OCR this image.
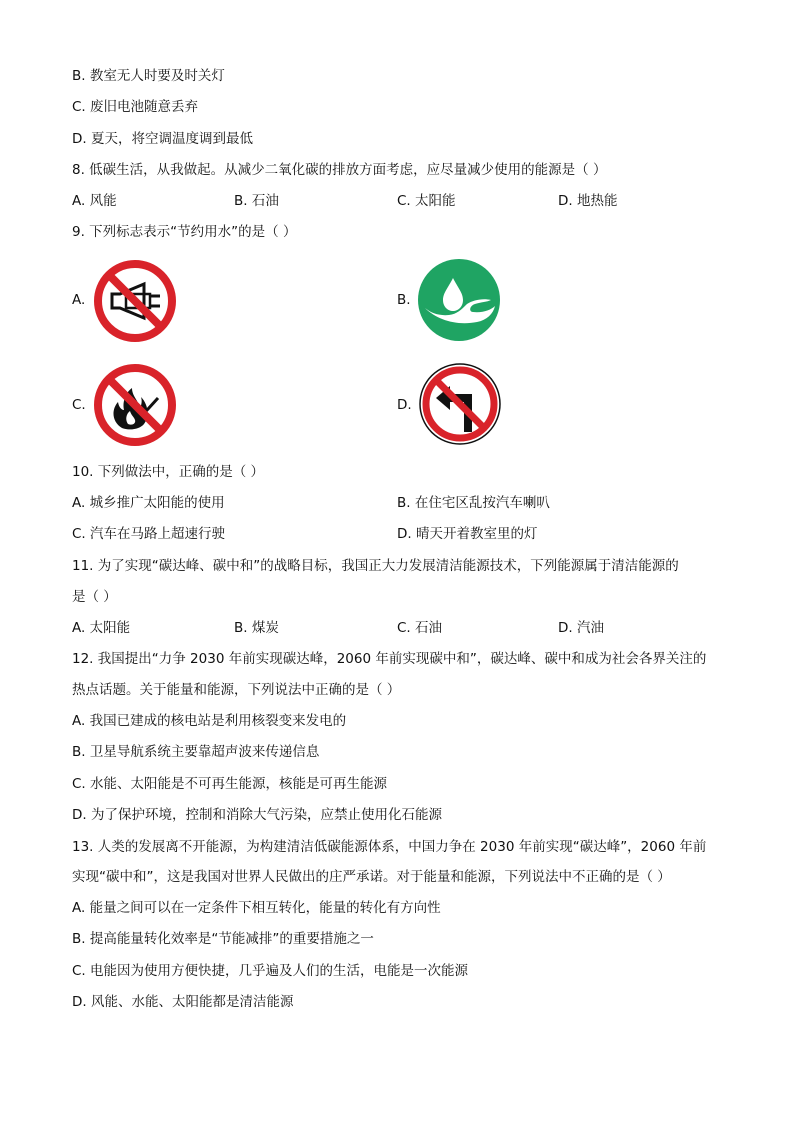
B. 教室无人时要及时关灯
C. 废旧电池随意丢弃
D. 夏天，将空调温度调到最低
8. 低碳生活，从我做起。从减少二氧化碳的排放方面考虑，应尽量减少使用的能源是（ ）
A. 风能	B. 石油	C. 太阳能	D. 地热能
9. 下列标志表示“节约用水”的是（ ）
A.	B.
C.	D.
10. 下列做法中，正确的是（ ）
A. 城乡推广太阳能的使用	B. 在住宅区乱按汽车喇叭
C. 汽车在马路上超速行驶	D. 晴天开着教室里的灯
11. 为了实现“碳达峰、碳中和”的战略目标，我国正大力发展清洁能源技术，下列能源属于清洁能源的
是（ ）
A. 太阳能	B. 煤炭	C. 石油	D. 汽油
12. 我国提出“力争 2030 年前实现碳达峰，2060 年前实现碳中和”，碳达峰、碳中和成为社会各界关注的
热点话题。关于能量和能源，下列说法中正确的是（ ）
A. 我国已建成的核电站是利用核裂变来发电的
B. 卫星导航系统主要靠超声波来传递信息
C. 水能、太阳能是不可再生能源，核能是可再生能源
D. 为了保护环境，控制和消除大气污染，应禁止使用化石能源
13. 人类的发展离不开能源，为构建清洁低碳能源体系，中国力争在 2030 年前实现“碳达峰”，2060 年前
实现“碳中和”，这是我国对世界人民做出的庄严承诺。对于能量和能源，下列说法中不正确的是（ ）
A. 能量之间可以在一定条件下相互转化，能量的转化有方向性
B. 提高能量转化效率是“节能减排”的重要措施之一
C. 电能因为使用方便快捷，几乎遍及人们的生活，电能是一次能源
D. 风能、水能、太阳能都是清洁能源
